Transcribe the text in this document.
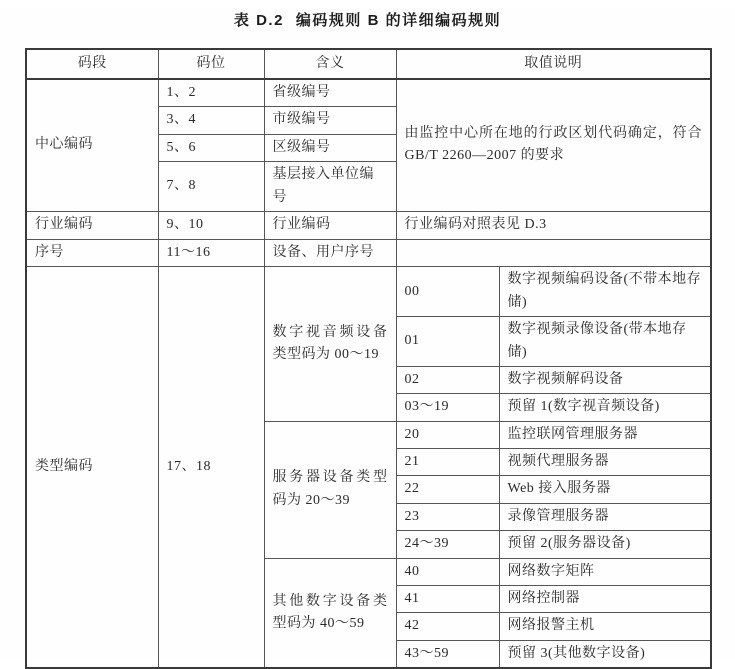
表 D.2 编码规则 B 的详细编码规则
码段	码位	含义	取值说明	
中心编码	1、2	省级编号	由监控中心所在地的行政区划代码确定，符合 GB/T 2260—2007 的要求	
	3、4	市级编号		
	5、6	区级编号		
	7、8	基层接入单位编号		
行业编码	9、10	行业编码	行业编码对照表见 D.3	
序号	11～16	设备、用户序号		
类型编码	17、18	数字视音频设备类型码为 00～19	00	数字视频编码设备(不带本地存储)
			01	数字视频录像设备(带本地存储)
			02	数字视频解码设备
			03～19	预留 1(数字视音频设备)
		服务器设备类型码为 20～39	20	监控联网管理服务器
			21	视频代理服务器
			22	Web 接入服务器
			23	录像管理服务器
			24～39	预留 2(服务器设备)
		其他数字设备类型码为 40～59	40	网络数字矩阵
			41	网络控制器
			42	网络报警主机
			43～59	预留 3(其他数字设备)
